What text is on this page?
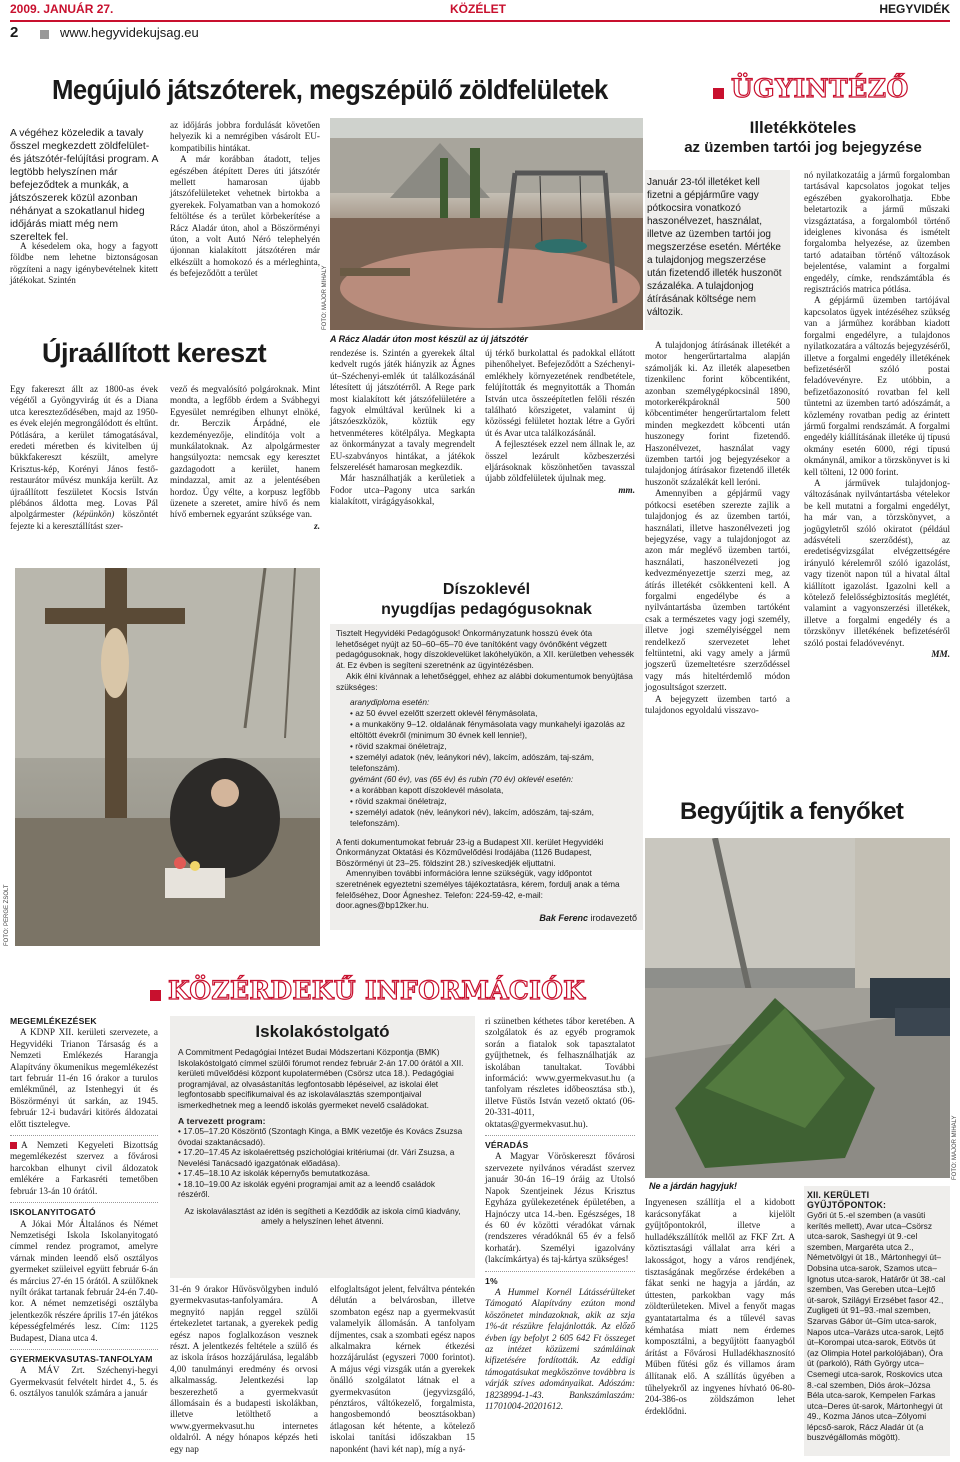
2009. JANUÁR 27.	KÖZÉLET	HEGYVIDÉK
2	www.hegyvidekujsag.eu
Megújuló játszóterek, megszépülő zöldfelületek
A végéhez közeledik a tavaly ősszel megkezdett zöldfelület- és játszótér-felújítási program. A legtöbb helyszínen már befejeződtek a munkák, a játszószerek közül azonban néhányat a szokatlanul hideg időjárás miatt még nem szereltek fel.

A késedelem oka, hogy a fagyott földbe nem lehetne biztonságosan rögzíteni a nagy igénybevételnek kitett játékokat. Szintén

az időjárás jobbra fordulását követően helyezik ki a nemrégiben vásárolt EU-kompatibilis hintákat.

A már korábban átadott, teljes egészében átépített Deres úti játszótér mellett hamarosan újabb játszófelületeket vehetnek birtokba a gyerekek. Folyamatban van a homokozó feltöltése és a terület körbekerítése a Rácz Aladár úton, ahol a Böszörményi úton, a volt Autó Néró telephelyén újonnan kialakított játszótéren már elkészült a homokozó és a mérleghinta, és befejeződött a terület	FOTÓ: MAJOR MIHÁLY
A Rácz Aladár úton most készül az új játszótér

rendezése is. Szintén a gyerekek által kedvelt rugós játék hiányzik az Ágnes út–Széchenyi-emlék út találkozásánál létesített új játszótérről. A Rege park most kialakított két játszófelületére a fagyok elmúltával kerülnek ki a játszóeszközök, köztük egy hetvenméteres kötélpálya. Megkapta az önkormányzat a tavaly megrendelt EU-szabványos hintákat, a játékok felszerelését hamarosan megkezdik.

Már használhatják a kerületiek a Fodor utca–Pagony utca sarkán kialakított, virágágyásokkal,

új térkő burkolattal és padokkal ellátott pihenőhelyet. Befejeződött a Széchenyi-emlékhely környezetének rendbetétele, felújították és megnyitották a Thomán István utca összeépítetlen felőli részén található körszigetet, valamint új közösségi felületet hoztak létre a Győri út és Avar utca találkozásánál.

A fejlesztések ezzel nem állnak le, az összel lezárult közbeszerzési eljárásoknak köszönhetően tavasszal újabb zöldfelületek újulnak meg.

mm.
Újraállított kereszt

Egy fakereszt állt az 1800-as évek végétől a Gyöngyvirág út és a Diana utca kereszteződésében, majd az 1950-es évek elején megrongálódott és eltűnt. Pótlására, a kerület támogatásával, eredeti méretben és kivitelben új bükkfakereszt készült, amelyre Krisztus-kép, Korényi János festő-restaurátor művész munkája került. Az újraállított feszületet Kocsis István plébános áldotta meg. Lovas Pál alpolgármester (képünkön) köszöntét fejezte ki a keresztállítást szer-

vező és megvalósító polgároknak. Mint mondta, a legfőbb érdem a Svábhegyi Egyesület nemrégiben elhunyt elnöké, dr. Berczik Árpádné, ele kezdeményezője, elindítója volt a munkálatoknak. Az alpolgármester hangsúlyozta: nemcsak egy keresztet gazdagodott a kerület, hanem mindazzal, amit az a jelentésében hordoz. Úgy vélte, a korpusz legfőbb üzenete a szeretet, amire hívő és nem hívő embernek egyaránt szüksége van.

z.
FOTÓ: PERGE ZSOLT
ÜGYINTÉZŐ
Illetékköteles
az üzemben tartói jog bejegyzése
Január 23-tól illetéket kell fizetni a gépjárműre vagy pótkocsira vonatkozó haszonélvezet, használat, illetve az üzemben tartói jog megszerzése esetén. Mértéke a tulajdonjog megszerzése után fizetendő illeték huszonöt százaléka. A tulajdonjog átírásának költsége nem változik.

A tulajdonjog átírásának illetékét a motor hengerűrtartalma alapján számolják ki. Az illeték alapesetben tizenkilenc forint köbcentiként, azonban személygépkocsinál 1890, motorkerékpároknál 500 köbcentiméter hengerűrtartalom felett minden megkezdett köbcenti után huszonegy forint fizetendő. Haszonélvezet, használat vagy üzemben tartói jog bejegyzésekor a tulajdonjog átírásakor fizetendő illeték huszonöt százalékát kell leróni.

Amennyiben a gépjármű vagy pótkocsi esetében szerezte zajlik a tulajdonjog és az üzemben tartói, használati, illetve haszonélvezeti jog bejegyzése, vagy a tulajdonjogot az azon már meglévő üzemben tartói, használati, haszonélvezeti jog kedvezményezettje szerzi meg, az átírás illetékét csökkenteni kell. A forgalmi engedélybe és a nyilvántartásba üzemben tartóként csak a természetes vagy jogi személy, illetve jogi személyiséggel nem rendelkező szervezetet lehet feltüntetni, aki vagy amely a jármű jogszerű üzemeltetésre szerződéssel vagy más hiteltérdemlő módon jogosultságot szerzett.

A bejegyzett üzemben tartó a tulajdonos egyoldalú visszavo-

nó nyilatkozatáig a jármű forgalomban tartásával kapcsolatos jogokat teljes egészében gyakorolhatja. Ebbe beletartozik a jármű műszaki vizsgáztatása, a forgalomból történő ideiglenes kivonása és ismételt forgalomba helyezése, az üzemben tartó adataiban történő változások bejelentése, valamint a forgalmi engedély, címke, rendszámtábla és regisztrációs matrica pótlása.

A gépjármű üzemben tartójával kapcsolatos ügyek intézéséhez szükség van a járműhez korábban kiadott forgalmi engedélyre, a tulajdonos nyilatkozatára a változás bejegyzéséről, illetve a forgalmi engedély illetékének befizetéséről szóló postai feladóvevényre. Ez utóbbin, a befizetőazonosító rovatban fel kell tüntetni az üzemben tartó adószámát, a közlemény rovatban pedig az érintett jármű forgalmi rendszámát. A forgalmi engedély kiállításának illetéke új típusú okmány esetén 6000, régi típusú okmánynál, amikor a törzskönyvet is ki kell tölteni, 12 000 forint.

A járművek tulajdonjog-változásának nyilvántartásba vételekor be kell mutatni a forgalmi engedélyt, ha már van, a törzskönyvet, a jogügyletről szóló okiratot (például adásvételi szerződést), az eredetiségvizsgálat elvégzettségére irányuló kérelemről szóló igazolást, vagy tizenöt napon túl a hivatal által kiállított igazolást. Igazolni kell a kötelező felelősségbiztosítás meglétét, valamint a vagyonszerzési illetékek, illetve a forgalmi engedély és a törzskönyv illetékének befizetéséről szóló postai feladóvevényt.

MM.
Díszoklevél
nyugdíjas pedagógusoknak

Tisztelt Hegyvidéki Pedagógusok! Önkormányzatunk hosszú évek óta lehetőséget nyújt az 50–60–65–70 éve tanítóként vagy óvónőként végzett pedagógusoknak, hogy díszoklevelüket lakóhelyükön, a XII. kerületben vehessék át. Ez évben is segíteni szeretnénk az ügyintézésben.

Akik élni kívánnak a lehetőséggel, ehhez az alábbi dokumentumok benyújtása szükséges:

aranydiploma esetén:

• az 50 évvel ezelőtt szerzett oklevél fénymásolata,
• a munkaköny 9–12. oldalának fénymásolata vagy munkahelyi igazolás az eltöltött évekről (minimum 30 évnek kell lennie!),
• rövid szakmai önéletrajz,
• személyi adatok (név, leánykori név), lakcím, adószám, taj-szám, telefonszám).

gyémánt (60 év), vas (65 év) és rubin (70 év) oklevél esetén:

• a korábban kapott díszoklevél másolata,
• rövid szakmai önéletrajz,
• személyi adatok (név, leánykori név), lakcím, adószám, taj-szám, telefonszám).

A fenti dokumentumokat február 23-ig a Budapest XII. kerület Hegyvidéki Önkormányzat Oktatási és Közművelődési Irodájába (1126 Budapest, Böszörményi út 23–25. földszint 28.) szíveskedjék eljuttatni.

Amennyiben további információra lenne szükségük, vagy időpontot szeretnének egyeztetni személyes tájékoztatásra, kérem, fordulj anak a téma felelőséhez, Door Ágneshez. Telefon: 224-59-42, e-mail: door.agnes@bp12ker.hu.

Bak Ferenc irodavezető

Begyűjtik a fenyőket
FOTÓ: MAJOR MIHÁLY
Ne a járdán hagyjuk!
Ingyenesen szállítja el a kidobott karácsonyfákat a kijelölt gyűjtőpontokról, illetve a hulladékszállítók mellől az FKF Zrt. A köztisztasági vállalat arra kéri a lakosságot, hogy a város rendjének, tisztaságának megőrzése érdekében a fákat senki ne hagyja a járdán, az úttesten, parkokban vagy más zöldterületeken. Mivel a fenyőt magas gyantatartalma és a tűlevél savas kémhatása miatt nem érdemes komposztálni, a begyűjtött faanyagból árítást a Fővárosi Hulladékhasznosító Műben fűtési gőz és villamos áram állítanak elő. A szállítás ügyében a tűhelyekről az ingyenes hívható 06-80-204-386-os zöldszámon lehet érdeklődni.
XII. KERÜLETI GYŰJTŐPONTOK:
Győri út 5.-el szemben (a vasúti kerítés mellett), Avar utca–Csörsz utca-sarok, Sashegyi út 9.-cel szemben, Margaréta utca 2., Németvölgyi út 18., Mártonhegyi út–Dobsina utca-sarok, Szamos utca–Ignotus utca-sarok, Határőr út 38.-cal szemben, Vas Gereben utca–Lejtő út-sarok, Szilágyi Erzsébet fasor 42., Zugligeti út 91–93.-mal szemben, Szarvas Gábor út–Gím utca-sarok, Napos utca–Varázs utca-sarok, Lejtő út–Korompai utca-sarok, Eötvös út (az Olimpia Hotel parkolójában), Óra út (parkoló), Ráth György utca–Csemegi utca-sarok, Roskovics utca 8.-cal szemben, Diós árok–Józsa Béla utca-sarok, Kempelen Farkas utca–Deres út-sarok, Mártonhegyi út 49., Kozma János utca–Zólyomi lépcső-sarok, Rácz Aladár út (a buszvégállomás mögött).
KÖZÉRDEKŰ INFORMÁCIÓK
MEGEMLÉKEZÉSEK

A KDNP XII. kerületi szervezete, a Hegyvidéki Trianon Társaság és a Nemzeti Emlékezés Harangja Alapítvány ökumenikus megemlékezést tart február 11-én 16 órakor a turulos emlékműnél, az Istenhegyi út és Böszörményi út sarkán, az 1945. február 12-i budavári kitörés áldozatai előtt tisztelegve.

A Nemzeti Kegyeleti Bizottság megemlékezést szervez a fővárosi harcokban elhunyt civil áldozatok emlékére a Farkasréti temetőben február 13-án 10 órától.

ISKOLANYITOGATÓ

A Jókai Mór Általános és Német Nemzetiségi Iskola Iskolanyitogató címmel rendez programot, amelyre várnak minden leendő első osztályos gyermeket szüleivel együtt február 6-án és március 27-én 15 órától. A szülőknek nyílt órákat tartanak február 24-én 7.40-kor. A német nemzetiségi osztályba jelentkezők részére április 17-én játékos képességfelmérés lesz. Cím: 1125 Budapest, Diana utca 4.

GYERMEKVASUTAS-TANFOLYAM

A MÁV Zrt. Széchenyi-hegyi Gyermekvasút felvételt hirdet 4., 5. és 6. osztályos tanulók számára a január

Iskolakóstolgató

A Commitment Pedagógiai Intézet Budai Módszertani Központja (BMK) Iskolakóstolgató címmel szülői fórumot rendez február 2-án 17.00 órától a XII. kerületi művelődési központ kupolatermében (Csörsz utca 18.). Pedagógiai programjával, az olvasástanítás legfontosabb lépéseivel, az iskolai élet legfontosabb specifikumaival és az iskolaválasztás szempontjaival ismerkedhetnek meg a leendő iskolás gyermeket nevelő családokat.

A tervezett program:
• 17.05–17.20 Köszöntő (Szontagh Kinga, a BMK vezetője és Kovács Zsuzsa óvodai szaktanácsadó).
• 17.20–17.45 Az iskolaérettség pszichológiai kritériumai (dr. Vári Zsuzsa, a Nevelési Tanácsadó igazgatónak előadása).
• 17.45–18.10 Az iskolák képernyős bemutatkozása.
• 18.10–19.00 Az iskolák egyéni programjai amit az a leendő családok részéről.

Az iskolaválasztást az idén is segítheti a Kezdődik az iskola című kiadvány, amely a helyszínen lehet átvenni.

31-én 9 órakor Hűvösvölgyben induló gyermekvasutas-tanfolyamára. A megnyitó napján reggel szülői értekezletet tartanak, a gyerekek pedig egész napos foglalkozáson vesznek részt. A jelentkezés feltétele a szülő és az iskola írásos hozzájárulása, legalább 4,00 tanulmányi eredmény és orvosi alkalmasság. Jelentkezési lap beszerezhető a gyermekvasút állomásain és a budapesti iskolákban, illetve letölthető a www.gyermekvasut.hu internetes oldalról. A négy hónapos képzés heti egy nap
elfoglaltságot jelent, felváltva péntekén délután a belvárosban, illetve szombaton egész nap a gyermekvasút valamelyik állomásán. A tanfolyam díjmentes, csak a szombati egész napos alkalmakra kérnek étkezési hozzájárulást (egyszeri 7000 forintot). A május végi vizsgák után a gyerekek önálló szolgálatot látnak el a gyermekvasúton (jegyvizsgáló, pénztáros, váltókezelő, forgalmista, hangosbemondó beosztásokban) átlagosan két hétente, a kötelező iskolai tanítási időszakban 15 naponként (havi két nap), míg a nyá-

ri szünetben kéthetes tábor keretében. A szolgálatok és az egyéb programok során a fiatalok sok tapasztalatot gyűjthetnek, és felhasználhatják az iskolában tanultakat. További információ: www.gyermekvasut.hu (a tanfolyam részletes időbeosztása stb.), illetve Füstös István vezető oktató (06-20-331-4011, oktatas@gyermekvasut.hu).

VÉRADÁS

A Magyar Vöröskereszt fővárosi szervezete nyilvános véradást szervez január 30-án 16–19 óráig az Utolsó Napok Szentjeinek Jézus Krisztus Egyháza gyülekezetének épületében, a Hajnóczy utca 14.-ben. Egészséges, 18 és 60 év közötti véradókat várnak (rendszeres véradóknál 65 év a felső korhatár). Személyi igazolvány (lakcímkártya) és taj-kártya szükséges!

1%

A Hummel Kornél Látássérülteket Támogató Alapítvány ezúton mond köszönetet mindazoknak, akik az szja 1%-át részükre felajánlották. Az előző évben így befolyt 2 605 642 Ft összeget az intézet közüzemi számláinak kifizetésére fordították. Az eddigi támogatásukat megköszönve továbbra is várják szíves adományaikat. Adószám: 18238994-1-43. Bankszámlaszám: 11701004-20201612.
